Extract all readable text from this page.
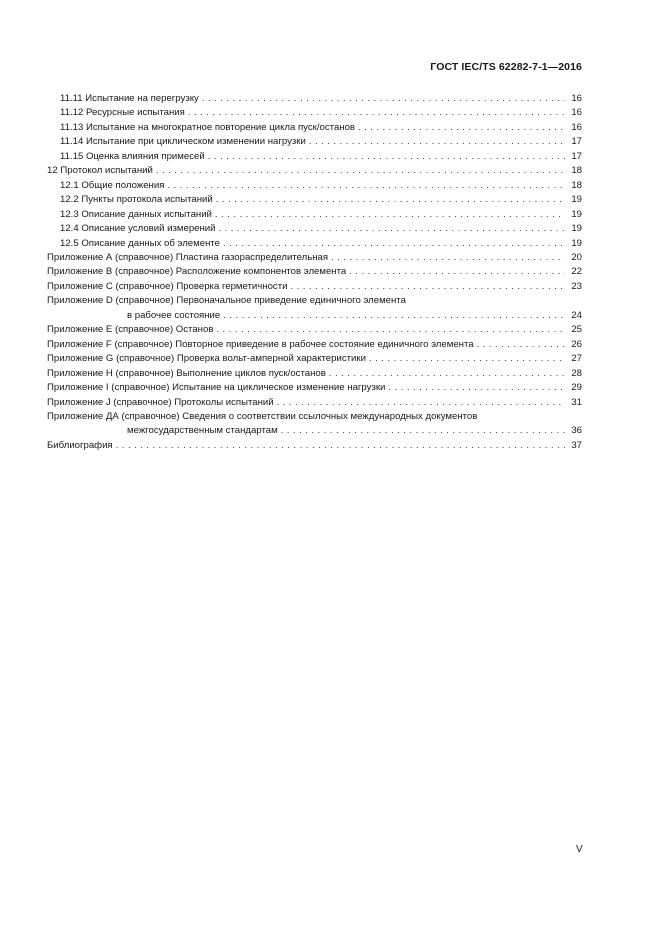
ГОСТ IEC/TS 62282-7-1—2016
11.11 Испытание на перегрузку . . .	16
11.12 Ресурсные испытания . . .	16
11.13 Испытание на многократное повторение цикла пуск/останов . . .	16
11.14 Испытание при циклическом изменении нагрузки . . .	17
11.15 Оценка влияния примесей . . .	17
12 Протокол испытаний . . .	18
12.1 Общие положения . . .	18
12.2 Пункты протокола испытаний . . .	19
12.3 Описание данных испытаний . . .	19
12.4 Описание условий измерений . . .	19
12.5 Описание данных об элементе . . .	19
Приложение А (справочное) Пластина газораспределительная . . .	20
Приложение В (справочное) Расположение компонентов элемента . . .	22
Приложение С (справочное) Проверка герметичности . . .	23
Приложение D (справочное) Первоначальное приведение единичного элемента
в рабочее состояние . . .	24
Приложение Е (справочное) Останов . . .	25
Приложение F (справочное) Повторное приведение в рабочее состояние единичного элемента . . .	26
Приложение G (справочное) Проверка вольт-амперной характеристики . . .	27
Приложение Н (справочное) Выполнение циклов пуск/останов . . .	28
Приложение I (справочное) Испытание на циклическое изменение нагрузки . . .	29
Приложение J (справочное) Протоколы испытаний . . .	31
Приложение ДА (справочное) Сведения о соответствии ссылочных международных документов
межгосударственным стандартам . . .	36
Библиография . . .	37
V
